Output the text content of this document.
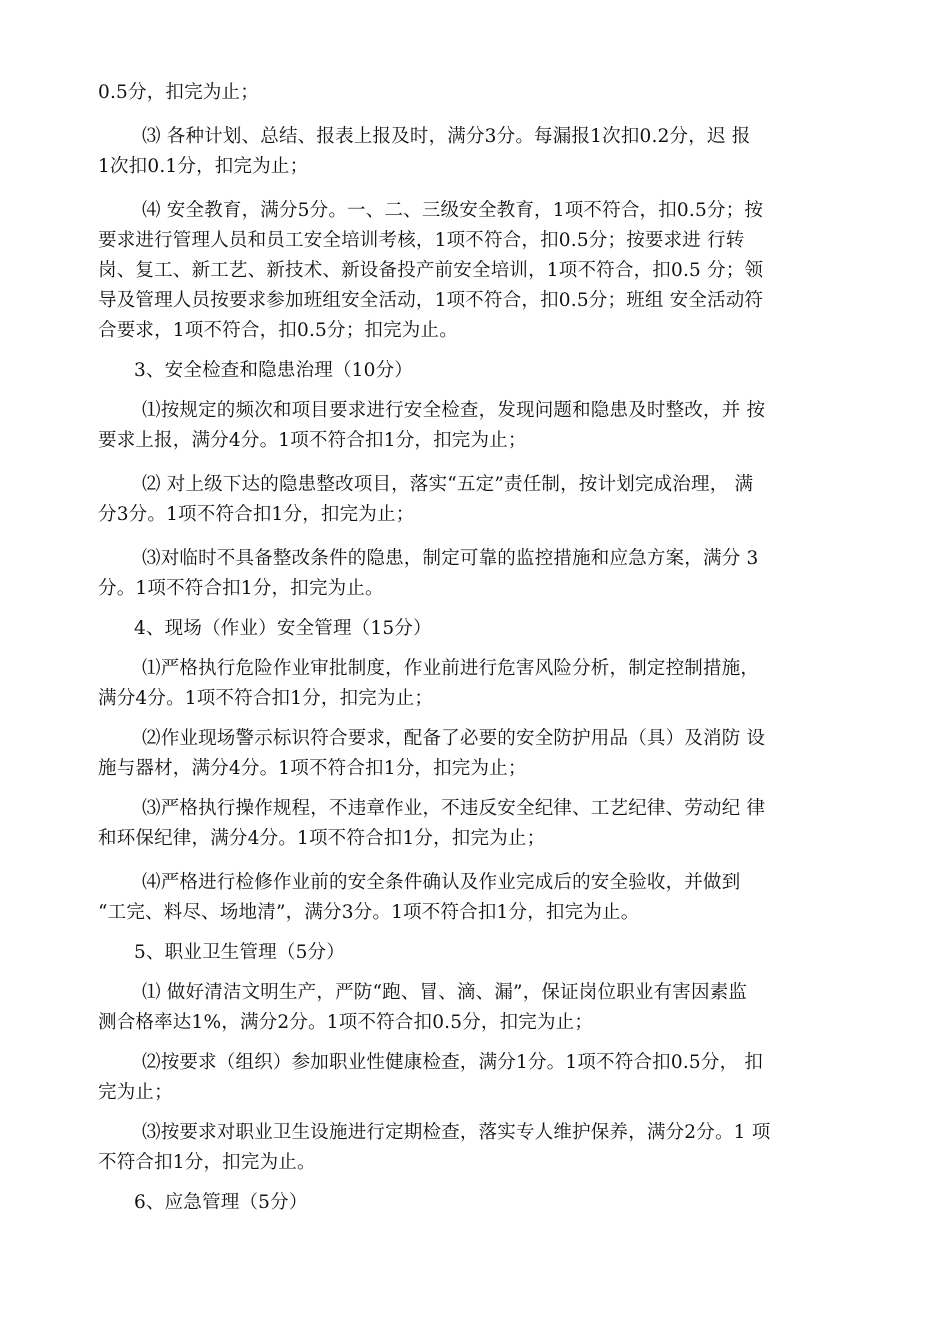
0.5分，扣完为止；

⑶ 各种计划、总结、报表上报及时，满分3分。每漏报1次扣0.2分，迟 报

1次扣0.1分，扣完为止；

⑷ 安全教育，满分5分。一、二、三级安全教育，1项不符合，扣0.5分；按

要求进行管理人员和员工安全培训考核，1项不符合，扣0.5分；按要求进 行转

岗、复工、新工艺、新技术、新设备投产前安全培训，1项不符合，扣0.5 分；领

导及管理人员按要求参加班组安全活动，1项不符合，扣0.5分；班组 安全活动符

合要求，1项不符合，扣0.5分；扣完为止。

3、安全检查和隐患治理（10分）

⑴按规定的频次和项目要求进行安全检查，发现问题和隐患及时整改，并 按

要求上报，满分4分。1项不符合扣1分，扣完为止；

⑵ 对上级下达的隐患整改项目，落实“五定”责任制，按计划完成治理， 满

分3分。1项不符合扣1分，扣完为止；

⑶对临时不具备整改条件的隐患，制定可靠的监控措施和应急方案，满分 3

分。1项不符合扣1分，扣完为止。

4、现场（作业）安全管理（15分）

⑴严格执行危险作业审批制度，作业前进行危害风险分析，制定控制措施，

满分4分。1项不符合扣1分，扣完为止；

⑵作业现场警示标识符合要求，配备了必要的安全防护用品（具）及消防 设

施与器材，满分4分。1项不符合扣1分，扣完为止；

⑶严格执行操作规程，不违章作业，不违反安全纪律、工艺纪律、劳动纪 律

和环保纪律，满分4分。1项不符合扣1分，扣完为止；

⑷严格进行检修作业前的安全条件确认及作业完成后的安全验收，并做到

“工完、料尽、场地清”，满分3分。1项不符合扣1分，扣完为止。

5、职业卫生管理（5分）

⑴ 做好清洁文明生产，严防“跑、冒、滴、漏”，保证岗位职业有害因素监

测合格率达1%，满分2分。1项不符合扣0.5分，扣完为止；

⑵按要求（组织）参加职业性健康检查，满分1分。1项不符合扣0.5分， 扣

完为止；

⑶按要求对职业卫生设施进行定期检查，落实专人维护保养，满分2分。1 项

不符合扣1分，扣完为止。

6、应急管理（5分）
